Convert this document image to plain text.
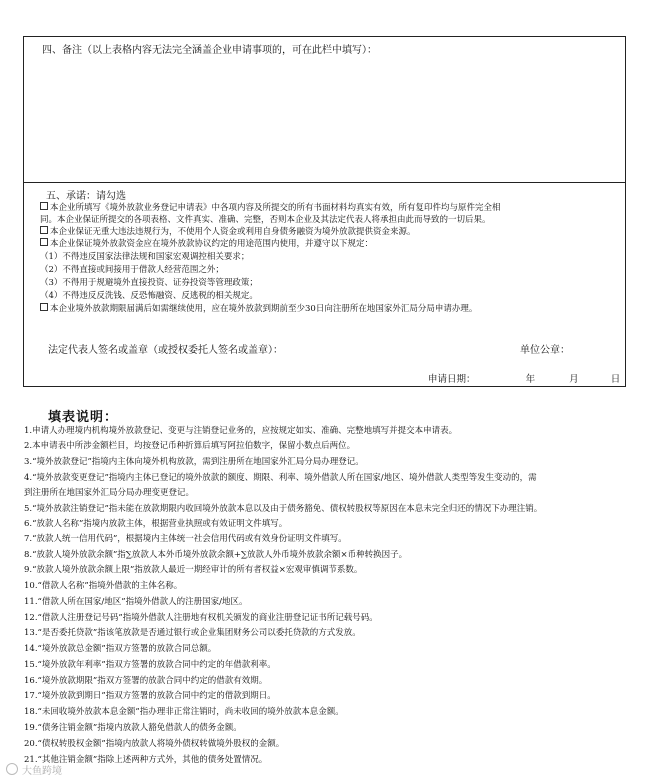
四、备注（以上表格内容无法完全涵盖企业申请事项的，可在此栏中填写）：
五、承诺：请勾选
本企业所填写《境外放款业务登记申请表》中各项内容及所提交的所有书面材料均真实有效，所有复印件均与原件完全相
同。本企业保证所提交的各项表格、文件真实、准确、完整，否则本企业及其法定代表人将承担由此而导致的一切后果。
本企业保证无重大违法违规行为，不使用个人资金或利用自身债务融资为境外放款提供资金来源。
本企业保证境外放款资金应在境外放款协议约定的用途范围内使用，并遵守以下规定：
（1）不得违反国家法律法规和国家宏观调控相关要求；
（2）不得直接或间接用于借款人经营范围之外；
（3）不得用于规避境外直接投资、证券投资等管理政策；
（4）不得违反反洗钱、反恐怖融资、反逃税的相关规定。
本企业境外放款期限届满后如需继续使用，应在境外放款到期前至少30日向注册所在地国家外汇局分局申请办理。
法定代表人签名或盖章（或授权委托人签名或盖章）：	单位公章：
申请日期：	年	月	日
填表说明：
1.申请人办理境内机构境外放款登记、变更与注销登记业务的，应按规定如实、准确、完整地填写并提交本申请表。
2.本申请表中所涉金额栏目，均按登记币种折算后填写阿拉伯数字，保留小数点后两位。
3.“境外放款登记”指境内主体向境外机构放款，需到注册所在地国家外汇局分局办理登记。
4.“境外放款变更登记”指境内主体已登记的境外放款的额度、期限、利率、境外借款人所在国家/地区、境外借款人类型等发生变动的，需
到注册所在地国家外汇局分局办理变更登记。
5.“境外放款注销登记”指未能在放款期限内收回境外放款本息以及由于债务豁免、债权转股权等原因在本息未完全归还的情况下办理注销。
6.“放款人名称”指境内放款主体，根据营业执照或有效证明文件填写。
7.“放款人统一信用代码”，根据境内主体统一社会信用代码或有效身份证明文件填写。
8.“放款人境外放款余额”指∑放款人本外币境外放款余额+∑放款人外币境外放款余额×币种转换因子。
9.“放款人境外放款余额上限”指放款人最近一期经审计的所有者权益×宏观审慎调节系数。
10.“借款人名称”指境外借款的主体名称。
11.“借款人所在国家/地区”指境外借款人的注册国家/地区。
12.“借款人注册登记号码”指境外借款人注册地有权机关颁发的商业注册登记证书所记载号码。
13.“是否委托贷款”指该笔放款是否通过银行或企业集团财务公司以委托贷款的方式发放。
14.“境外放款总金额”指双方签署的放款合同总额。
15.“境外放款年利率”指双方签署的放款合同中约定的年借款利率。
16.“境外放款期限”指双方签署的放款合同中约定的借款有效期。
17.“境外放款到期日”指双方签署的放款合同中约定的借款到期日。
18.“未回收境外放款本息金额”指办理非正常注销时，尚未收回的境外放款本息金额。
19.“债务注销金额”指境内放款人豁免借款人的债务金额。
20.“债权转股权金额”指境内放款人将境外债权转做境外股权的金额。
21.“其他注销金额”指除上述两种方式外，其他的债务处置情况。
大鱼跨境
